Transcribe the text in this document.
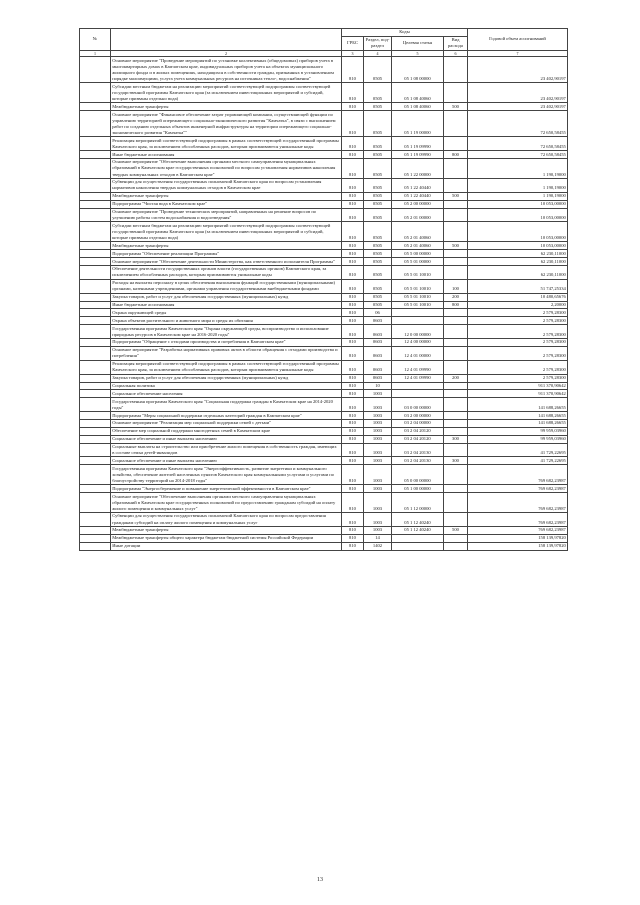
№		Коды				Годовой объем ассигнований
		ГРБС	Раздел, под-раздел	Целевая статья	Вид расхода	
1	2	3	4	5	6	7
	Основное мероприятие "Проведение мероприятий по установке коллективных (общедомовых) приборов учета в многоквартирных домах в Камчатском крае, индивидуальных приборов учета на объектах муниципального жилищного фонда и в жилых помещениях, находящихся в собственности граждан, признанных в установленном порядке малоимущими, услуга учета коммунальных ресурсов на источниках тепло-, водоснабжения"	810	0505	05 1 08 00000		23 402,90197
	Субсидии местным бюджетам на реализацию мероприятий соответствующей подпрограммы соответствующей государственной программы Камчатского края (за исключением инвестиционных мероприятий и субсидий, которые призваны отдельно вода)	810	0505	05 1 08 40060		23 402,90197
	Межбюджетные трансферты	810	0505	05 1 08 40060	500	23 402,90197
	Основное мероприятие "Финансовое обеспечение затрат управляющей компании, осуществляющей функции по управлению территорией опережающего социально-экономического развития "Камчатка", в связи с выполнением работ по созданию отдельных объектов инженерной инфраструктуры на территории опережающего социально-экономического развития "Камчатка""	810	0505	05 1 19 00000		72 650,58455
	Реализация мероприятий соответствующей подпрограммы в рамках соответствующей государственной программы Камчатского края, за исключением обособленных расходов, которым присваиваются уникальные коды	810	0505	05 1 19 09990		72 650,58455
	Иные бюджетные ассигнования	810	0505	05 1 19 09990	800	72 650,58455
	Основное мероприятие "Обеспечение выполнения органами местного самоуправления муниципальных образований в Камчатском крае государственных полномочий по вопросам установления нормативов накопления твердых коммунальных отходов в Камчатском крае"	810	0505	05 1 22 00000		1 190,19000
	Субвенции для осуществления государственных полномочий Камчатского края по вопросам установления нормативов накопления твердых коммунальных отходов в Камчатском крае	810	0505	05 1 22 40440		1 190,19000
	Межбюджетные трансферты	810	0505	05 1 22 40440	500	1 190,19000
	Подпрограмма "Чистая вода в Камчатском крае"	810	0505	05 2 00 00000		10 053,00000
	Основное мероприятие "Проведение технических мероприятий, направленных на решение вопросов по улучшению работы систем водоснабжения и водоотведения"	810	0505	05 2 01 00000		10 053,00000
	Субсидии местным бюджетам на реализацию мероприятий соответствующей подпрограммы соответствующей государственной программы Камчатского края (за исключением инвестиционных мероприятий и субсидий, которые призваны отдельно вода)	810	0505	05 2 01 40060		10 053,00000
	Межбюджетные трансферты	810	0505	05 2 01 40060	500	10 053,00000
	Подпрограмма "Обеспечение реализации Программы"	810	0505	05 5 00 00000		62 230,11000
	Основное мероприятие "Обеспечение деятельности Министерства, как ответственного исполнителя Программы"	810	0505	05 5 01 00000		62 230,11000
	Обеспечение деятельности государственных органов власти (государственных органов) Камчатского края, за исключением обособленных расходов, которым присваиваются уникальные коды	810	0505	05 5 01 10010		62 230,11000
	Расходы на выплаты персоналу в целях обеспечения выполнения функций государственными (муниципальными) органами, казенными учреждениями, органами управления государственными внебюджетными фондами	810	0505	05 5 01 10010	100	51 747,25334
	Закупка товаров, работ и услуг для обеспечения государственных (муниципальных) нужд	810	0505	05 5 01 10010	200	10 480,65676
	Иные бюджетные ассигнования	810	0505	05 5 01 10010	800	2,20000
	Охрана окружающей среды	810	06			2 579,28300
	Охрана объектов растительного и животного мира и среды их обитания	810	0603			2 579,28300
	Государственная программа Камчатского края "Охрана окружающей среды, воспроизводство и использование природных ресурсов в Камчатском крае на 2016-2020 годы"	810	0603	12 0 00 00000		2 579,28300
	Подпрограмма "Обращение с отходами производства и потребления в Камчатском крае"	810	0603	12 4 00 00000		2 579,28300
	Основное мероприятие "Разработка нормативных правовых актов в области обращения с отходами производства и потребления"	810	0603	12 4 01 00000		2 579,28300
	Реализация мероприятий соответствующей подпрограммы в рамках соответствующей государственной программы Камчатского края, за исключением обособленных расходов, которым присваиваются уникальные коды	810	0603	12 4 01 09990		2 579,28300
	Закупка товаров, работ и услуг для обеспечения государственных (муниципальных) нужд	810	0603	12 4 01 09990	200	2 579,28300
	Социальная политика	810	10			911 370,90642
	Социальное обеспечение населения	810	1003			911 370,90642
	Государственная программа Камчатского края "Социальная поддержка граждан в Камчатском крае на 2014-2020 годы"	810	1003	03 0 00 00000		141 688,26655
	Подпрограмма "Меры социальной поддержки отдельных категорий граждан в Камчатском крае"	810	1003	03 2 00 00000		141 688,26655
	Основное мероприятие "Реализация мер социальной поддержки семей с детьми"	810	1003	03 2 04 00000		141 688,26655
	Обеспечение мер социальной поддержки многодетных семей в Камчатском крае	810	1003	03 2 04 20120		99 959,03960
	Социальное обеспечение и иные выплаты населению	810	1003	03 2 04 20120	300	99 959,03960
	Социальные выплаты на строительство или приобретение жилого помещения в собственность граждан, имеющих в составе семьи детей-инвалидов	810	1003	03 2 04 20130		41 729,22695
	Социальное обеспечение и иные выплаты населению	810	1003	03 2 04 20130	300	41 729,22695
	Государственная программа Камчатского края "Энергоэффективность, развитие энергетики и коммунального хозяйства, обеспечение жителей населенных пунктов Камчатского края коммунальными услугами и услугами по благоустройству территорий на 2014-2018 годы"	810	1003	05 0 00 00000		769 682,23987
	Подпрограмма "Энергосбережение и повышение энергетической эффективности в Камчатском крае"	810	1003	05 1 00 00000		769 682,23987
	Основное мероприятие "Обеспечение выполнения органами местного самоуправления муниципальных образований в Камчатском крае государственных полномочий по предоставлению гражданам субсидий на оплату жилого помещения и коммунальных услуг"	810	1003	05 1 12 00000		769 682,23987
	Субвенции для осуществления государственных полномочий Камчатского края по вопросам предоставления гражданам субсидий на оплату жилого помещения и коммунальных услуг	810	1003	05 1 12 40240		769 682,23987
	Межбюджетные трансферты	810	1003	05 1 12 40240	500	769 682,23987
	Межбюджетные трансферты общего характера бюджетам бюджетной системы Российской Федерации	810	14			158 139,97820
	Иные дотации	810	1402			158 139,97820
13
